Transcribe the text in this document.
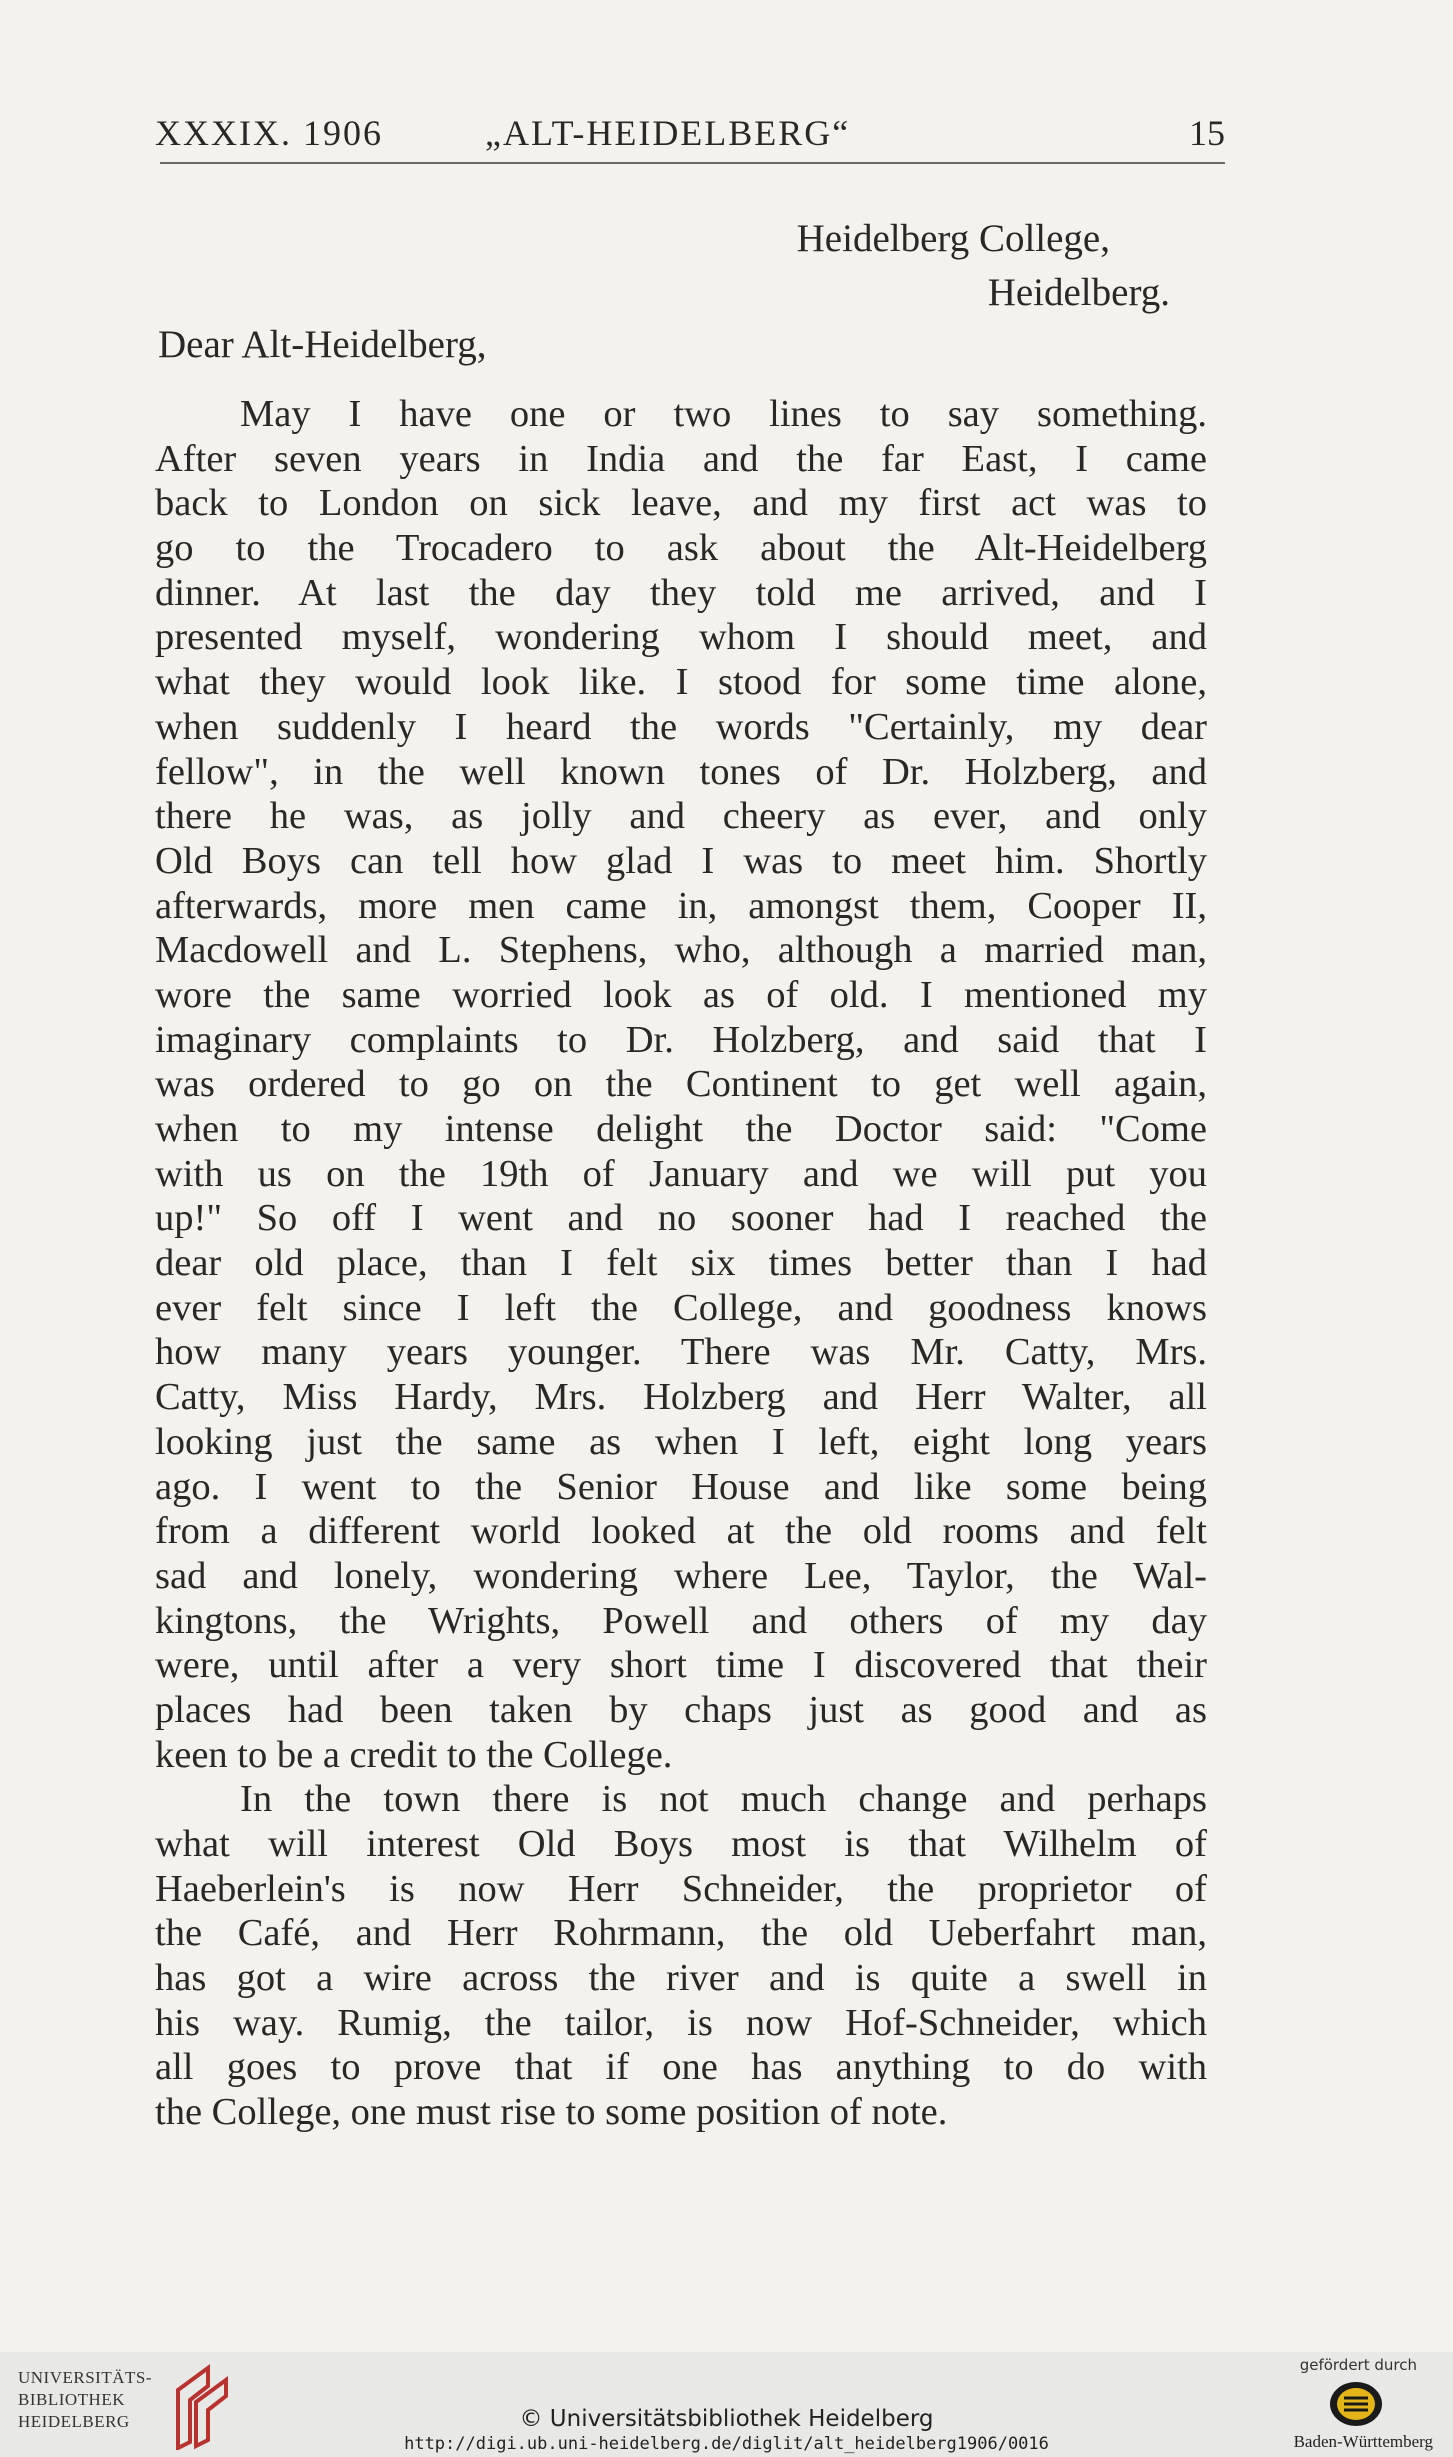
XXXIX. 1906	„ALT-HEIDELBERG“	15
Heidelberg College,
Heidelberg.
Dear Alt-Heidelberg,
May I have one or two lines to say something.
After seven years in India and the far East, I came
back to London on sick leave, and my first act was to
go to the Trocadero to ask about the Alt-Heidelberg
dinner. At last the day they told me arrived, and I
presented myself, wondering whom I should meet, and
what they would look like. I stood for some time alone,
when suddenly I heard the words "Certainly, my dear
fellow", in the well known tones of Dr. Holzberg, and
there he was, as jolly and cheery as ever, and only
Old Boys can tell how glad I was to meet him. Shortly
afterwards, more men came in, amongst them, Cooper II,
Macdowell and L. Stephens, who, although a married man,
wore the same worried look as of old. I mentioned my
imaginary complaints to Dr. Holzberg, and said that I
was ordered to go on the Continent to get well again,
when to my intense delight the Doctor said: "Come
with us on the 19th of January and we will put you
up!" So off I went and no sooner had I reached the
dear old place, than I felt six times better than I had
ever felt since I left the College, and goodness knows
how many years younger. There was Mr. Catty, Mrs.
Catty, Miss Hardy, Mrs. Holzberg and Herr Walter, all
looking just the same as when I left, eight long years
ago. I went to the Senior House and like some being
from a different world looked at the old rooms and felt
sad and lonely, wondering where Lee, Taylor, the Wal-
kingtons, the Wrights, Powell and others of my day
were, until after a very short time I discovered that their
places had been taken by chaps just as good and as
keen to be a credit to the College.
In the town there is not much change and perhaps
what will interest Old Boys most is that Wilhelm of
Haeberlein's is now Herr Schneider, the proprietor of
the Café, and Herr Rohrmann, the old Ueberfahrt man,
has got a wire across the river and is quite a swell in
his way. Rumig, the tailor, is now Hof-Schneider, which
all goes to prove that if one has anything to do with
the College, one must rise to some position of note.
UNIVERSITÄTS-
BIBLIOTHEK
HEIDELBERG	© Universitätsbibliothek Heidelberg
http://digi.ub.uni-heidelberg.de/diglit/alt_heidelberg1906/0016
gefördert durch
Baden-Württemberg
